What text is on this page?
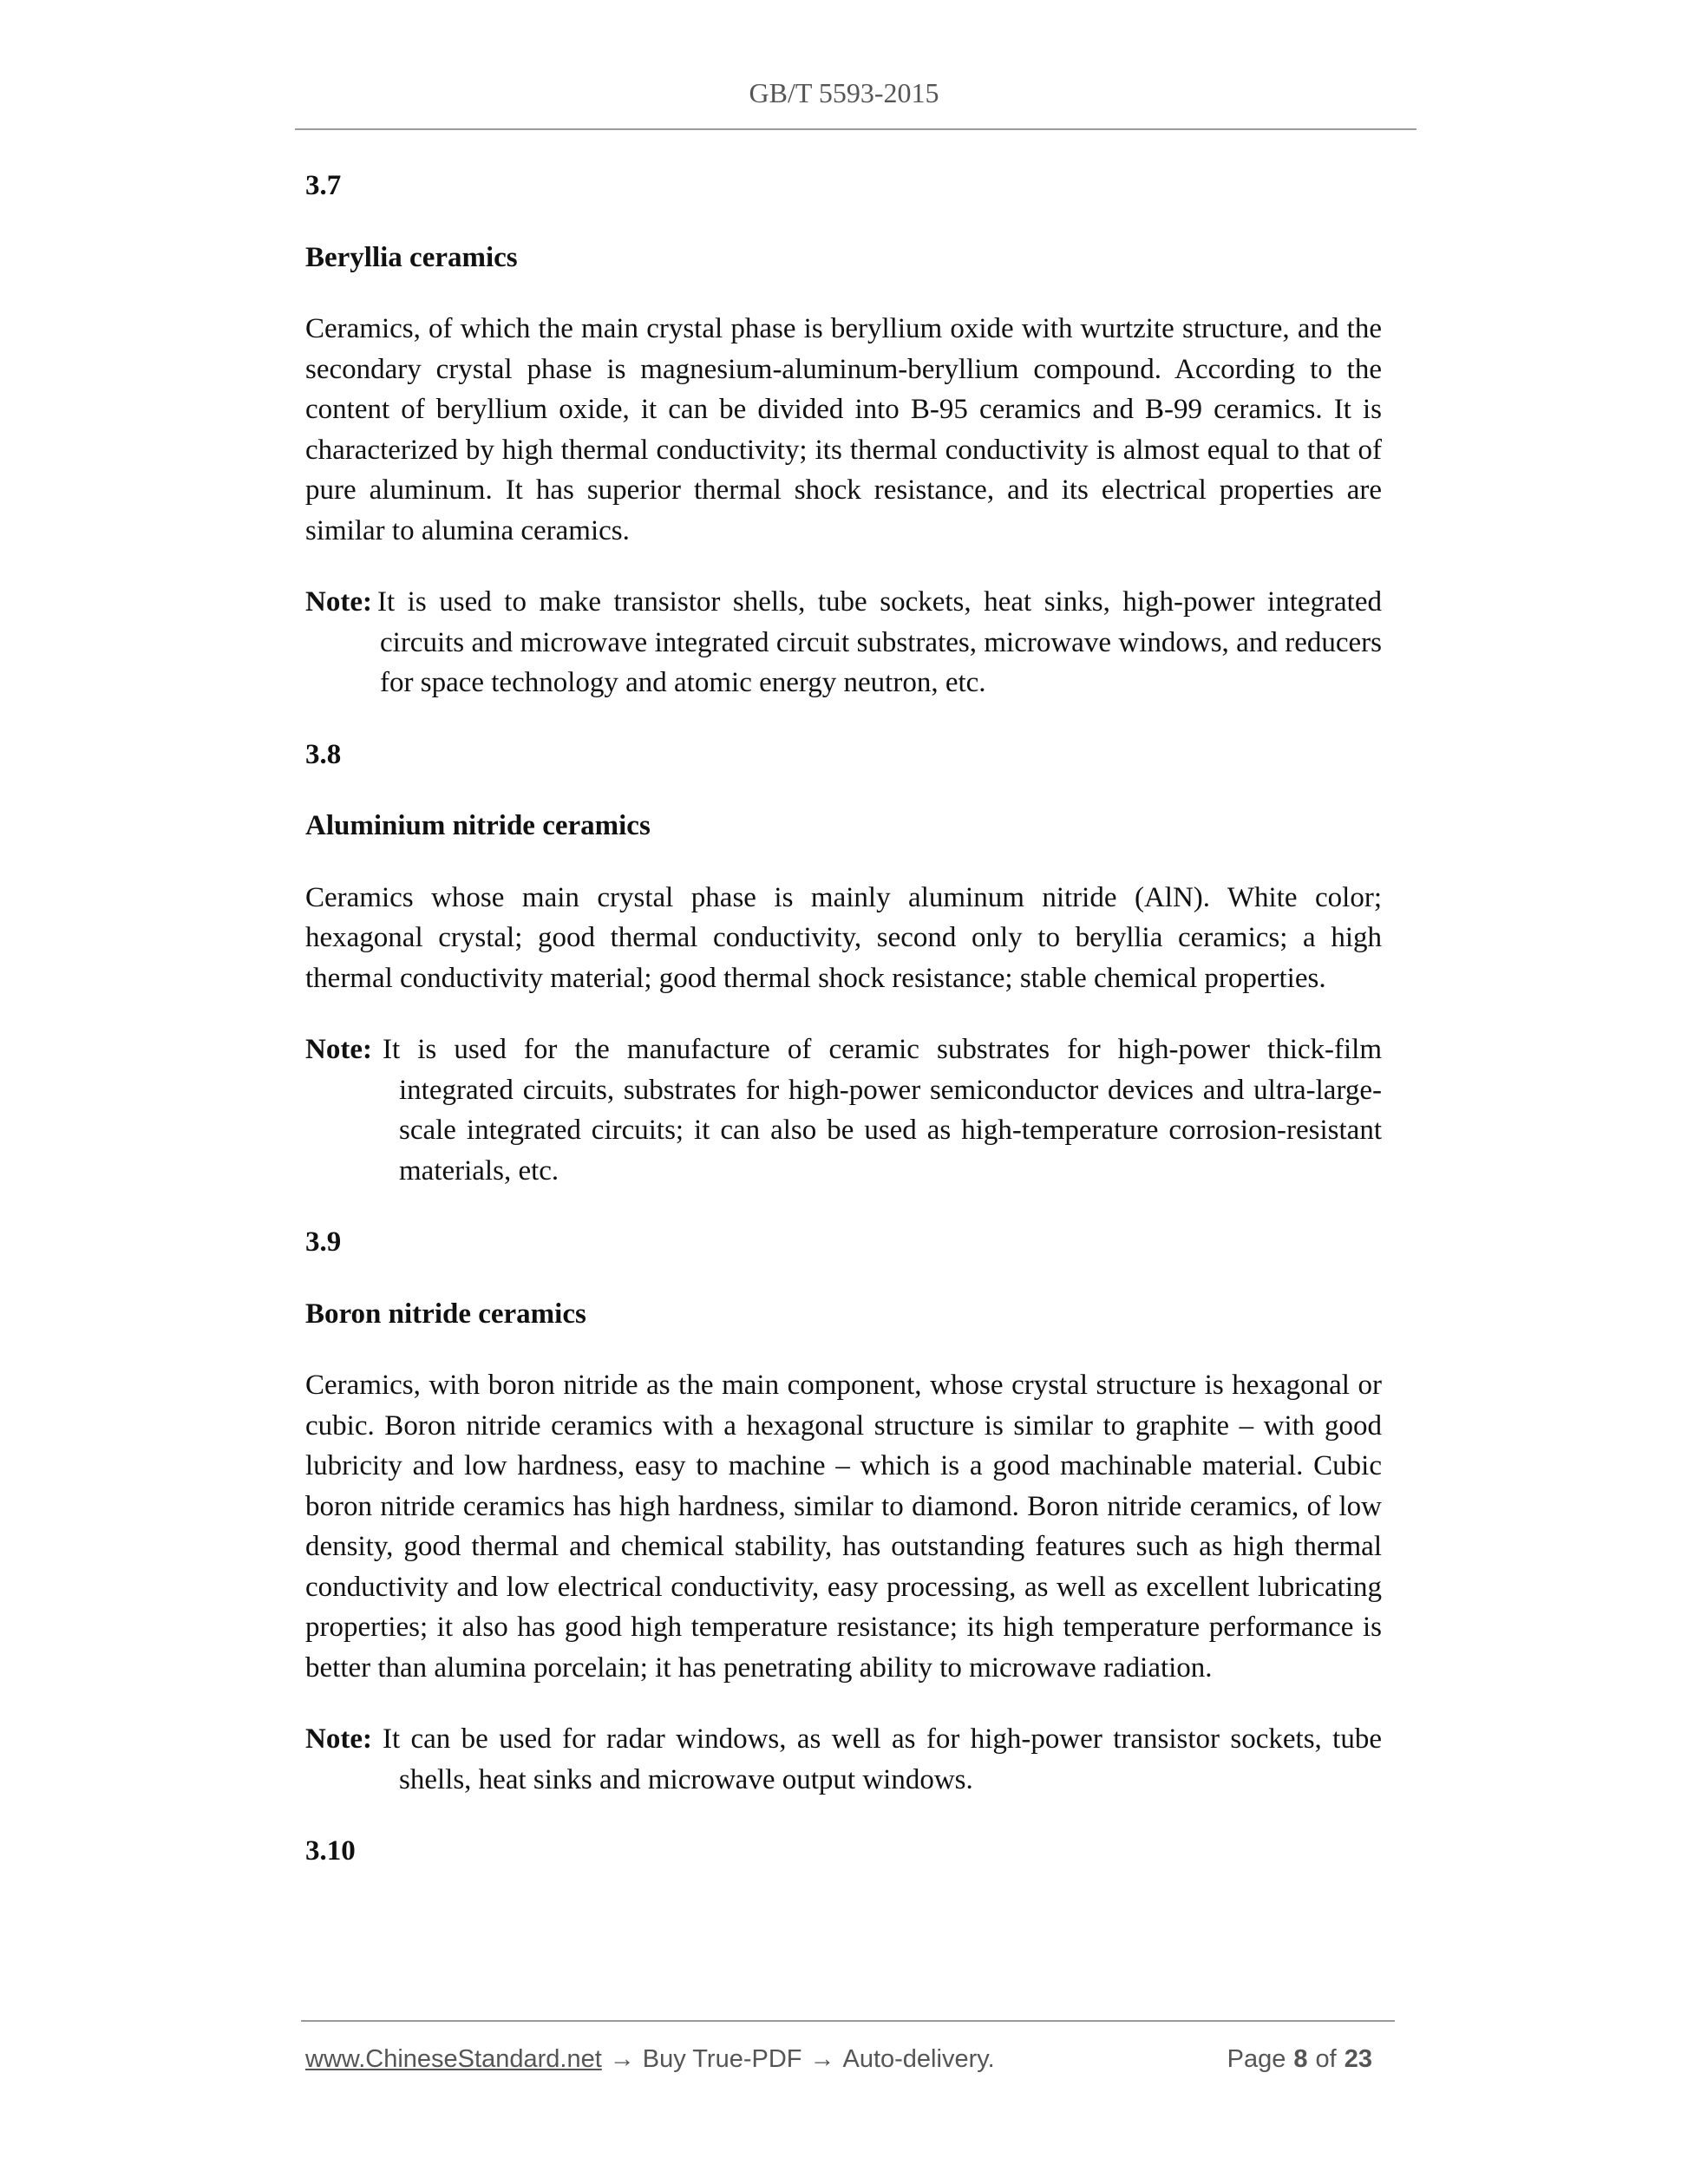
GB/T 5593-2015
3.7
Beryllia ceramics
Ceramics, of which the main crystal phase is beryllium oxide with wurtzite structure, and the secondary crystal phase is magnesium-aluminum-beryllium compound. According to the content of beryllium oxide, it can be divided into B-95 ceramics and B-99 ceramics. It is characterized by high thermal conductivity; its thermal conductivity is almost equal to that of pure aluminum. It has superior thermal shock resistance, and its electrical properties are similar to alumina ceramics.
Note: It is used to make transistor shells, tube sockets, heat sinks, high-power integrated circuits and microwave integrated circuit substrates, microwave windows, and reducers for space technology and atomic energy neutron, etc.
3.8
Aluminium nitride ceramics
Ceramics whose main crystal phase is mainly aluminum nitride (AlN). White color; hexagonal crystal; good thermal conductivity, second only to beryllia ceramics; a high thermal conductivity material; good thermal shock resistance; stable chemical properties.
Note: It is used for the manufacture of ceramic substrates for high-power thick-film integrated circuits, substrates for high-power semiconductor devices and ultra-large-scale integrated circuits; it can also be used as high-temperature corrosion-resistant materials, etc.
3.9
Boron nitride ceramics
Ceramics, with boron nitride as the main component, whose crystal structure is hexagonal or cubic. Boron nitride ceramics with a hexagonal structure is similar to graphite – with good lubricity and low hardness, easy to machine – which is a good machinable material. Cubic boron nitride ceramics has high hardness, similar to diamond. Boron nitride ceramics, of low density, good thermal and chemical stability, has outstanding features such as high thermal conductivity and low electrical conductivity, easy processing, as well as excellent lubricating properties; it also has good high temperature resistance; its high temperature performance is better than alumina porcelain; it has penetrating ability to microwave radiation.
Note: It can be used for radar windows, as well as for high-power transistor sockets, tube shells, heat sinks and microwave output windows.
3.10
www.ChineseStandard.net → Buy True-PDF → Auto-delivery.	Page 8 of 23
